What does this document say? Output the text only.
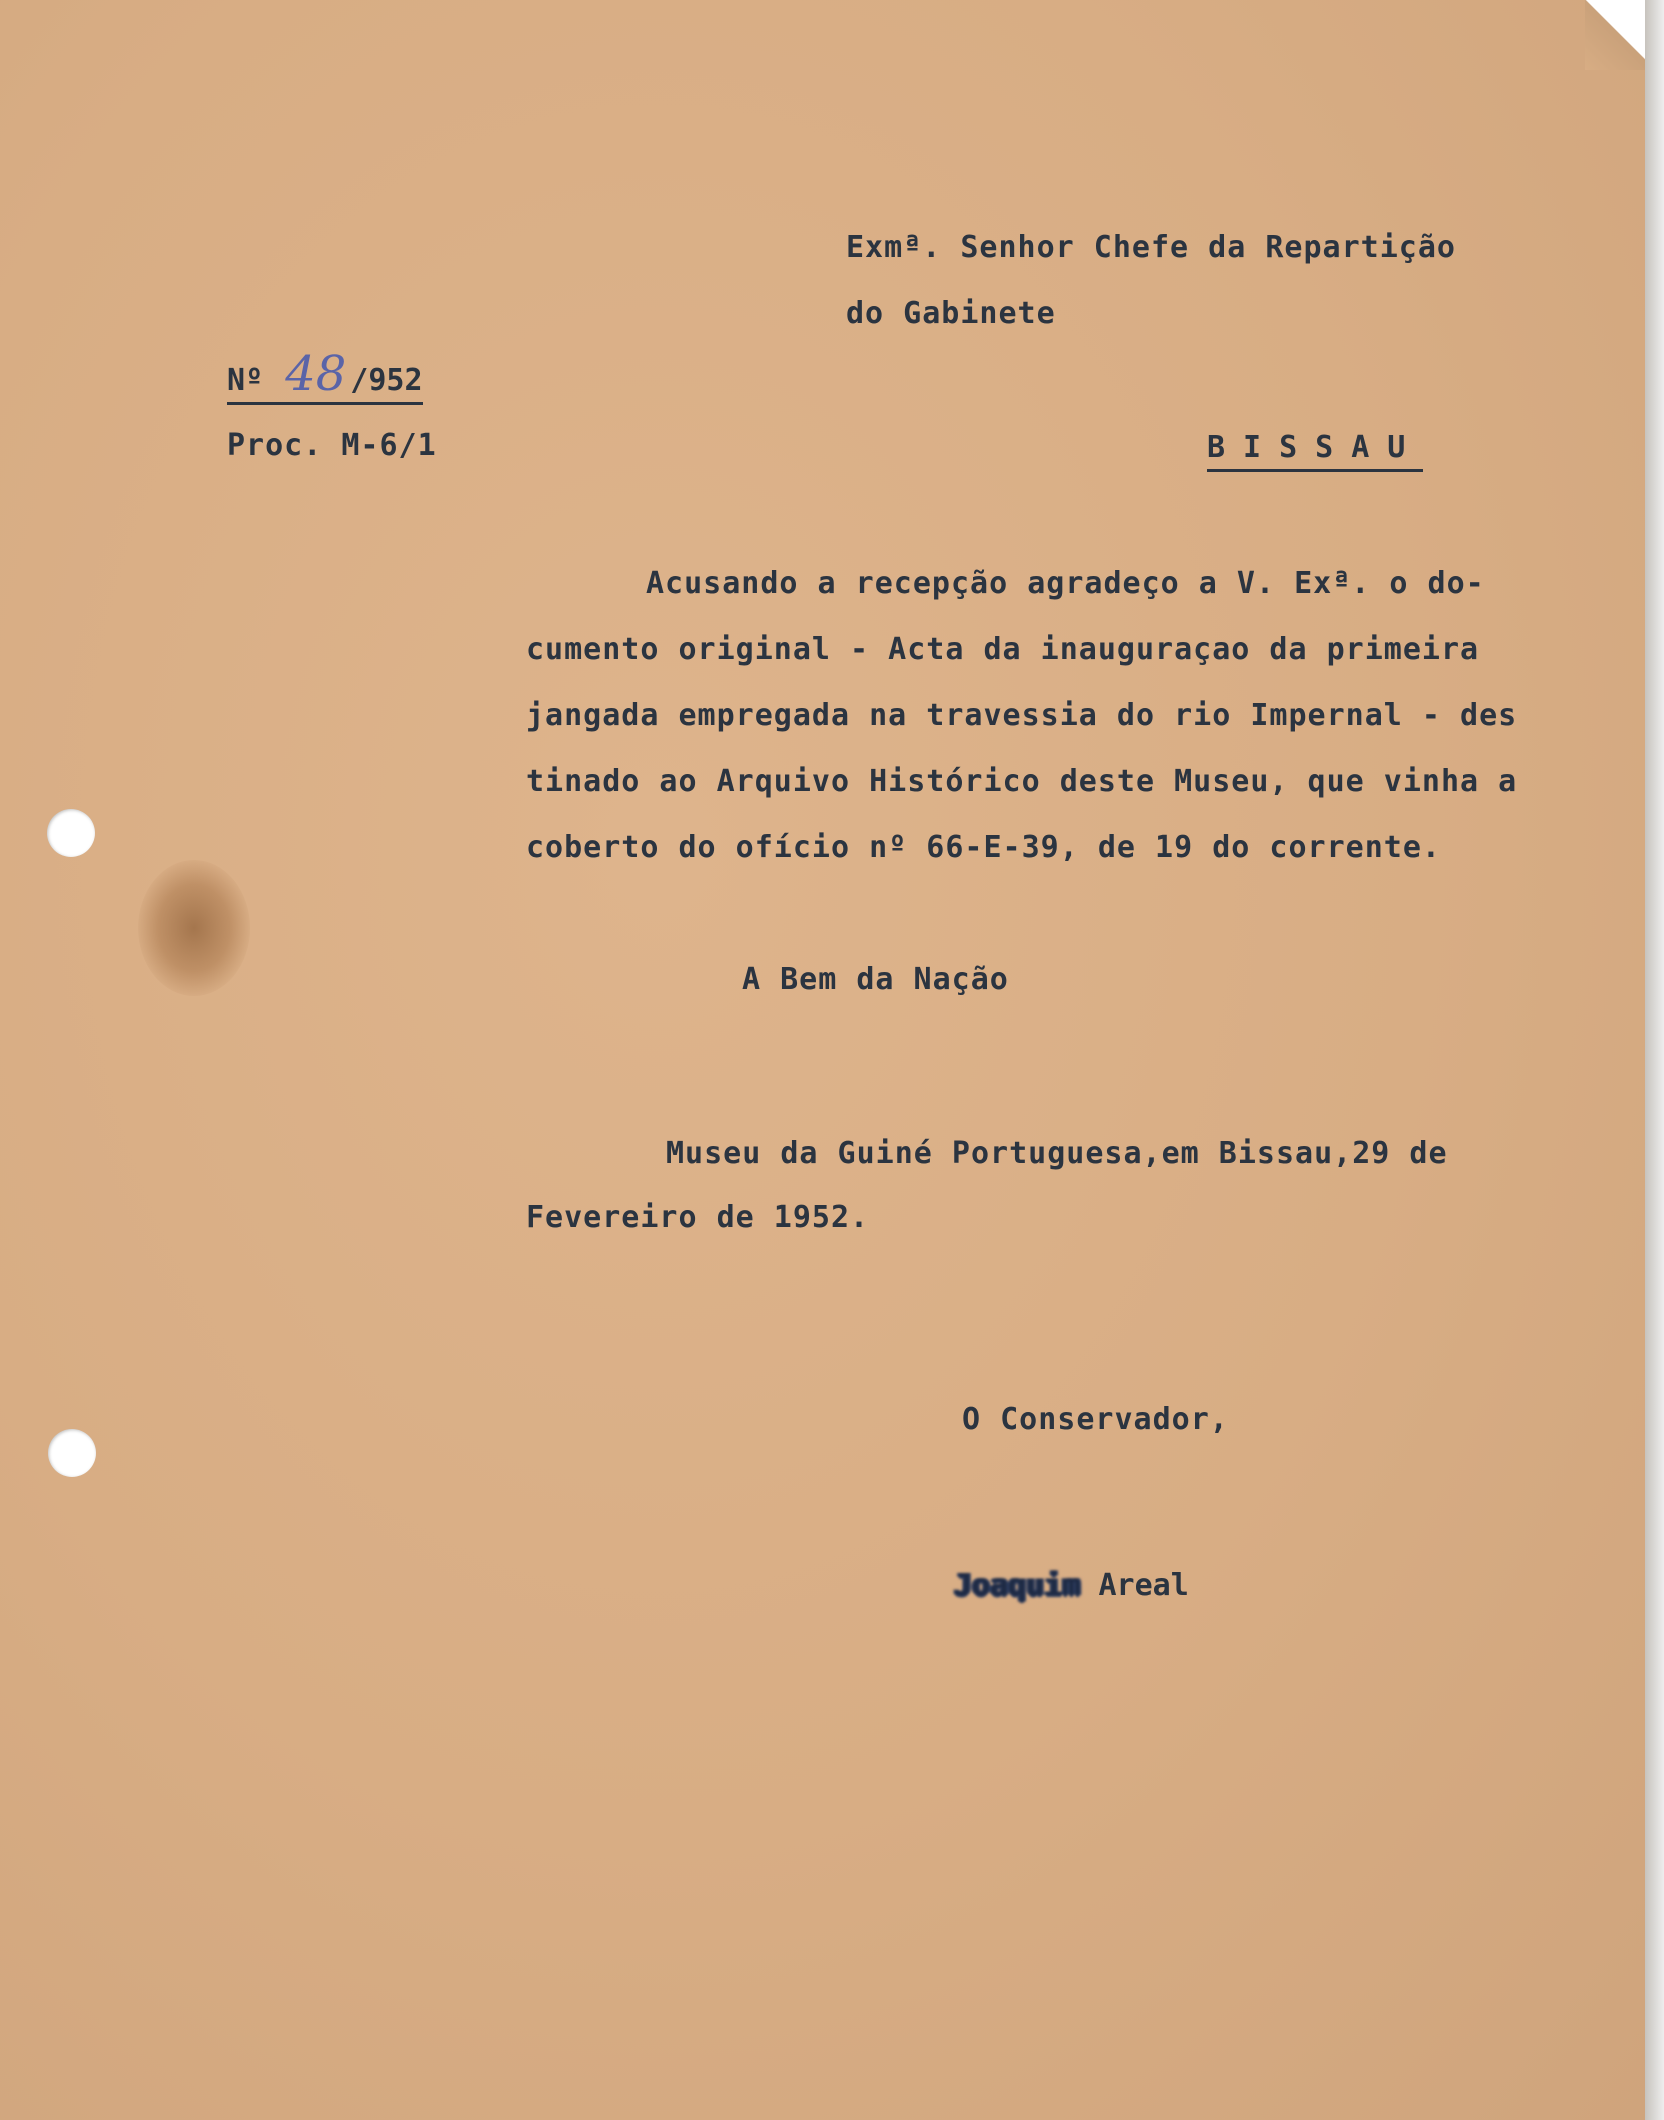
Exmª. Senhor Chefe da Repartição

do Gabinete

Nº 48 /952

Proc. M-6/1	BISSAU

Acusando a recepção agradeço a V. Exª. o do-

cumento original - Acta da inauguraçao da primeira

jangada empregada na travessia do rio Impernal - des

tinado ao Arquivo Histórico deste Museu, que vinha a

coberto do ofício nº 66-E-39, de 19 do corrente.

A Bem da Nação

Museu da Guiné Portuguesa,em Bissau,29 de

Fevereiro de 1952.

O Conservador,

Joaquim Areal
